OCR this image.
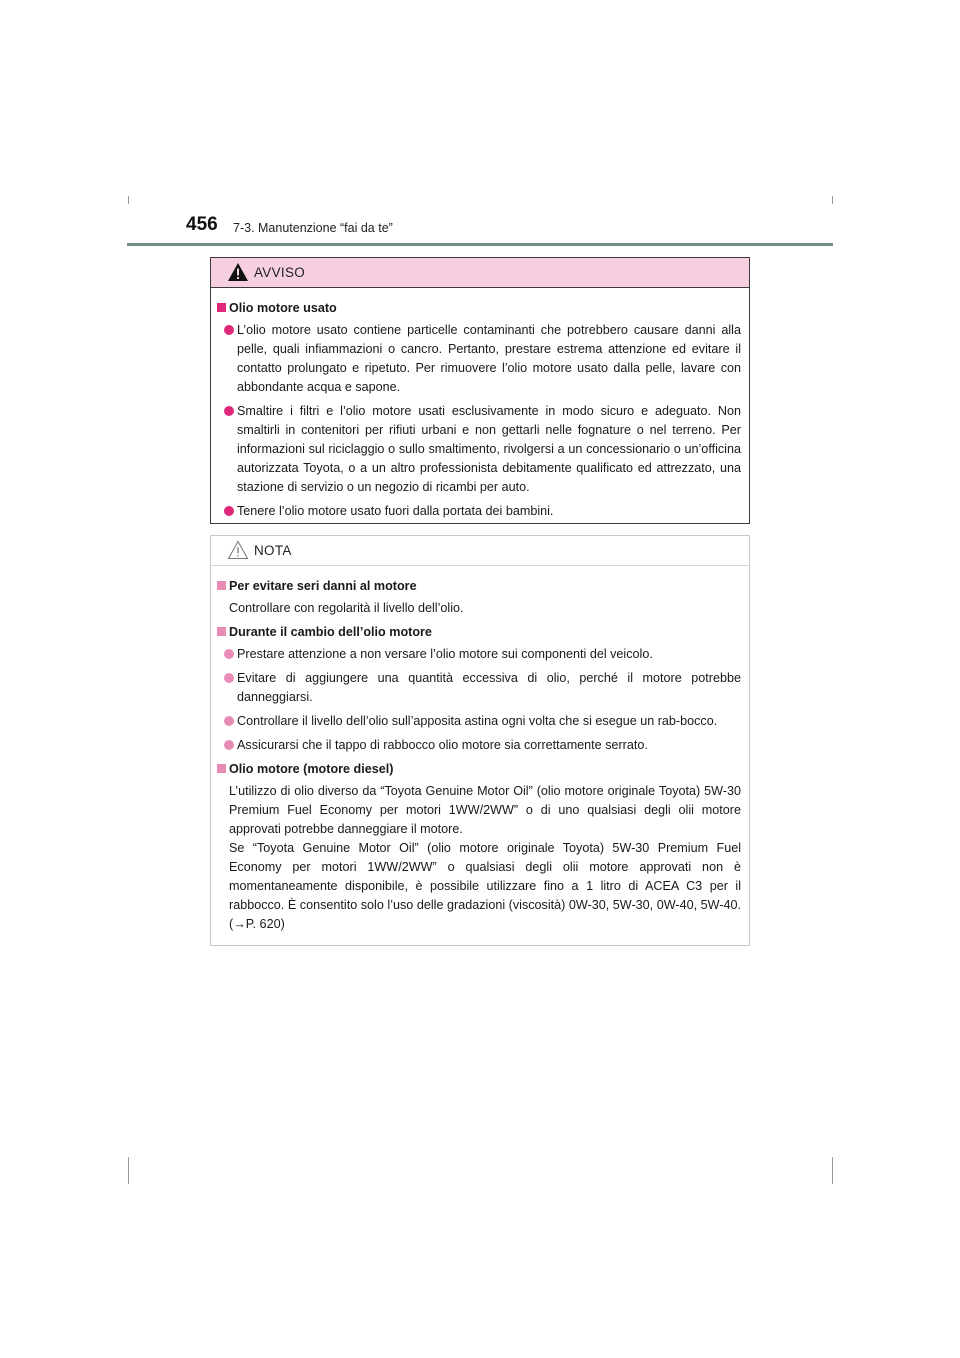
456 7-3. Manutenzione “fai da te”
AVVISO
Olio motore usato
L’olio motore usato contiene particelle contaminanti che potrebbero causare danni alla pelle, quali infiammazioni o cancro. Pertanto, prestare estrema attenzione ed evitare il contatto prolungato e ripetuto. Per rimuovere l’olio motore usato dalla pelle, lavare con abbondante acqua e sapone.
Smaltire i filtri e l’olio motore usati esclusivamente in modo sicuro e adeguato. Non smaltirli in contenitori per rifiuti urbani e non gettarli nelle fognature o nel terreno. Per informazioni sul riciclaggio o sullo smaltimento, rivolgersi a un concessionario o un’officina autorizzata Toyota, o a un altro professionista debitamente qualificato ed attrezzato, una stazione di servizio o un negozio di ricambi per auto.
Tenere l’olio motore usato fuori dalla portata dei bambini.
NOTA
Per evitare seri danni al motore

Controllare con regolarità il livello dell’olio.

Durante il cambio dell’olio motore
Prestare attenzione a non versare l’olio motore sui componenti del veicolo.
Evitare di aggiungere una quantità eccessiva di olio, perché il motore potrebbe danneggiarsi.
Controllare il livello dell’olio sull’apposita astina ogni volta che si esegue un rab-bocco.
Assicurarsi che il tappo di rabbocco olio motore sia correttamente serrato.
Olio motore (motore diesel)

L’utilizzo di olio diverso da “Toyota Genuine Motor Oil” (olio motore originale Toyota) 5W-30 Premium Fuel Economy per motori 1WW/2WW” o di uno qualsiasi degli olii motore approvati potrebbe danneggiare il motore.

Se “Toyota Genuine Motor Oil” (olio motore originale Toyota) 5W-30 Premium Fuel Economy per motori 1WW/2WW” o qualsiasi degli olii motore approvati non è momentaneamente disponibile, è possibile utilizzare fino a 1 litro di ACEA C3 per il rabbocco. È consentito solo l’uso delle gradazioni (viscosità) 0W-30, 5W-30, 0W-40, 5W-40. (→P. 620)
